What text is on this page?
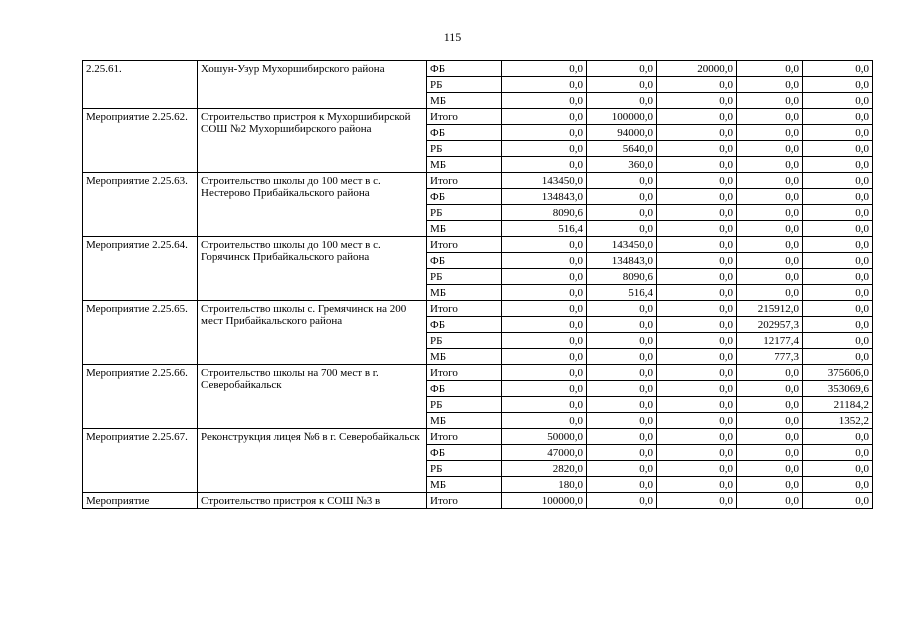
115
2.25.61.	Хошун-Узур Мухоршибирского района	ФБ	0,0	0,0	20000,0	0,0	0,0
		РБ	0,0	0,0	0,0	0,0	0,0
		МБ	0,0	0,0	0,0	0,0	0,0
Мероприятие 2.25.62.	Строительство пристроя к Мухоршибирской СОШ №2 Мухоршибирского района	Итого	0,0	100000,0	0,0	0,0	0,0
		ФБ	0,0	94000,0	0,0	0,0	0,0
		РБ	0,0	5640,0	0,0	0,0	0,0
		МБ	0,0	360,0	0,0	0,0	0,0
Мероприятие 2.25.63.	Строительство школы до 100 мест в с. Нестерово Прибайкальского района	Итого	143450,0	0,0	0,0	0,0	0,0
		ФБ	134843,0	0,0	0,0	0,0	0,0
		РБ	8090,6	0,0	0,0	0,0	0,0
		МБ	516,4	0,0	0,0	0,0	0,0
Мероприятие 2.25.64.	Строительство школы до 100 мест в с. Горячинск Прибайкальского района	Итого	0,0	143450,0	0,0	0,0	0,0
		ФБ	0,0	134843,0	0,0	0,0	0,0
		РБ	0,0	8090,6	0,0	0,0	0,0
		МБ	0,0	516,4	0,0	0,0	0,0
Мероприятие 2.25.65.	Строительство школы с. Гремячинск на 200 мест Прибайкальского района	Итого	0,0	0,0	0,0	215912,0	0,0
		ФБ	0,0	0,0	0,0	202957,3	0,0
		РБ	0,0	0,0	0,0	12177,4	0,0
		МБ	0,0	0,0	0,0	777,3	0,0
Мероприятие 2.25.66.	Строительство школы на 700 мест в г. Северобайкальск	Итого	0,0	0,0	0,0	0,0	375606,0
		ФБ	0,0	0,0	0,0	0,0	353069,6
		РБ	0,0	0,0	0,0	0,0	21184,2
		МБ	0,0	0,0	0,0	0,0	1352,2
Мероприятие 2.25.67.	Реконструкция лицея №6 в г. Северобайкальск	Итого	50000,0	0,0	0,0	0,0	0,0
		ФБ	47000,0	0,0	0,0	0,0	0,0
		РБ	2820,0	0,0	0,0	0,0	0,0
		МБ	180,0	0,0	0,0	0,0	0,0
Мероприятие	Строительство пристроя к СОШ №3 в	Итого	100000,0	0,0	0,0	0,0	0,0
